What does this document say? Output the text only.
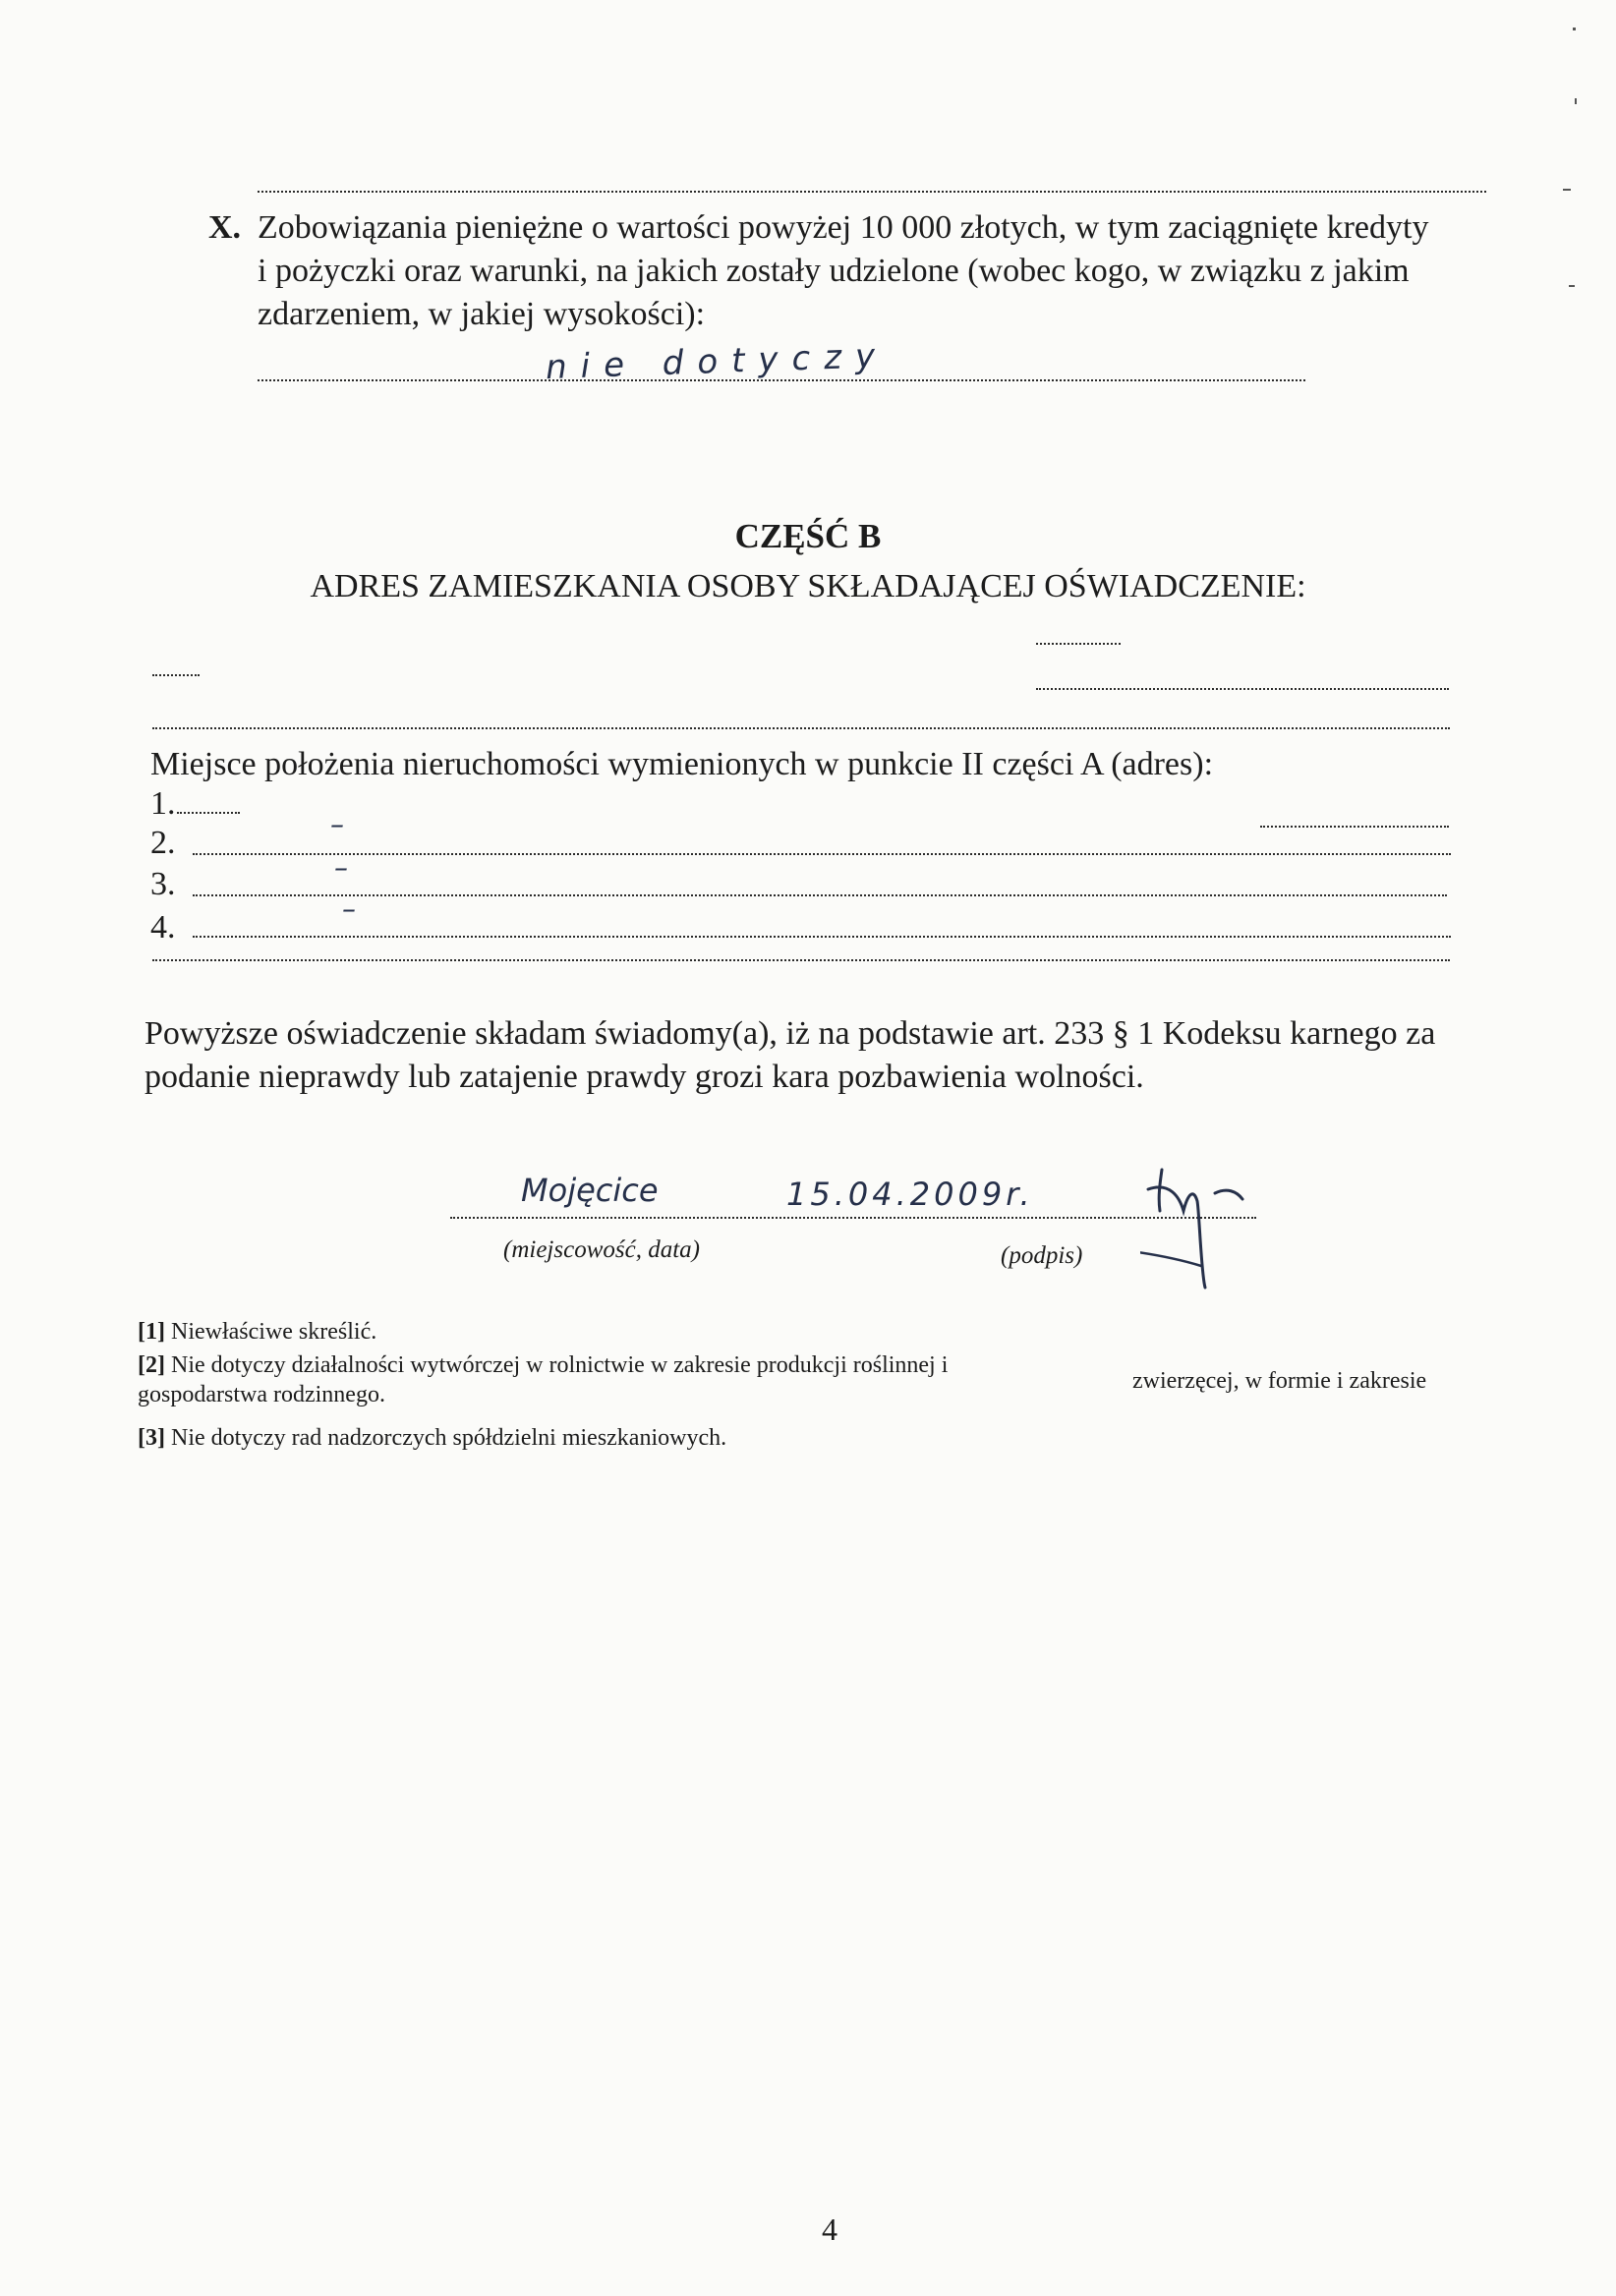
X. Zobowiązania pieniężne o wartości powyżej 10 000 złotych, w tym zaciągnięte kredyty
i pożyczki oraz warunki, na jakich zostały udzielone (wobec kogo, w związku z jakim
zdarzeniem, w jakiej wysokości):
nie dotyczy
CZĘŚĆ B
ADRES ZAMIESZKANIA OSOBY SKŁADAJĄCEJ OŚWIADCZENIE:
Miejsce położenia nieruchomości wymienionych w punkcie II części A (adres):
1.
2.
–
3.	–
4.
–
Powyższe oświadczenie składam świadomy(a), iż na podstawie art. 233 § 1 Kodeksu karnego za
podanie nieprawdy lub zatajenie prawdy grozi kara pozbawienia wolności.
Mojęcice	15.04.2009r.
(miejscowość, data)	(podpis)
[1] Niewłaściwe skreślić.
[2] Nie dotyczy działalności wytwórczej w rolnictwie w zakresie produkcji roślinnej i
zwierzęcej, w formie i zakresie
gospodarstwa rodzinnego.
[3] Nie dotyczy rad nadzorczych spółdzielni mieszkaniowych.
4
